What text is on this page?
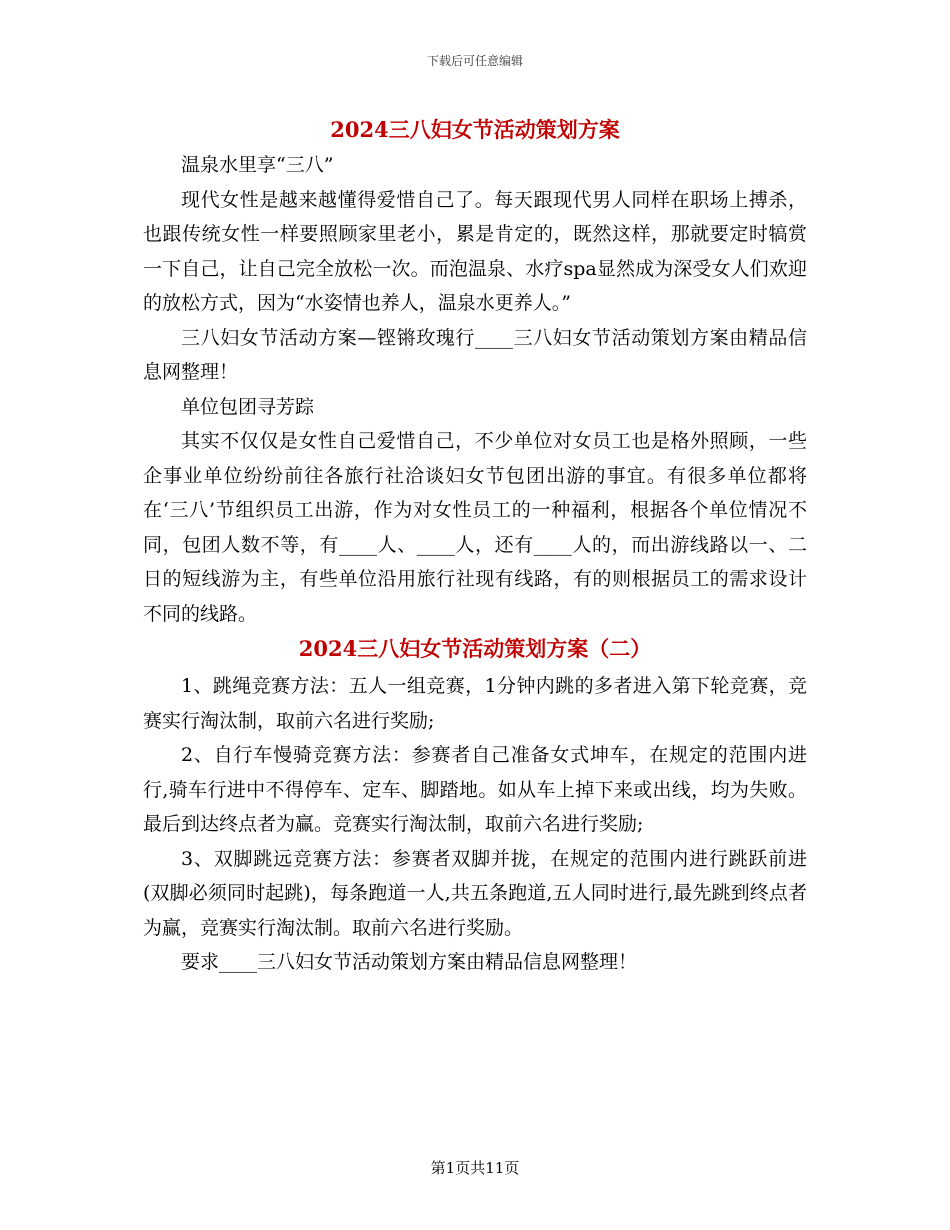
下载后可任意编辑
2024三八妇女节活动策划方案

温泉水里享“三八”

现代女性是越来越懂得爱惜自己了。每天跟现代男人同样在职场上搏杀，也跟传统女性一样要照顾家里老小，累是肯定的，既然这样，那就要定时犒赏一下自己，让自己完全放松一次。而泡温泉、水疗spa显然成为深受女人们欢迎的放松方式，因为“水姿情也养人，温泉水更养人。”

三八妇女节活动方案—铿锵玫瑰行____三八妇女节活动策划方案由精品信息网整理！

单位包团寻芳踪

其实不仅仅是女性自己爱惜自己，不少单位对女员工也是格外照顾，一些企事业单位纷纷前往各旅行社洽谈妇女节包团出游的事宜。有很多单位都将在‘三八’节组织员工出游，作为对女性员工的一种福利，根据各个单位情况不同，包团人数不等，有____人、____人，还有____人的，而出游线路以一、二日的短线游为主，有些单位沿用旅行社现有线路，有的则根据员工的需求设计不同的线路。

2024三八妇女节活动策划方案（二）

1、跳绳竞赛方法：五人一组竞赛，1分钟内跳的多者进入第下轮竞赛，竞赛实行淘汰制，取前六名进行奖励;

2、自行车慢骑竞赛方法：参赛者自己准备女式坤车，在规定的范围内进行,骑车行进中不得停车、定车、脚踏地。如从车上掉下来或出线，均为失败。最后到达终点者为赢。竞赛实行淘汰制，取前六名进行奖励;

3、双脚跳远竞赛方法：参赛者双脚并拢，在规定的范围内进行跳跃前进(双脚必须同时起跳)，每条跑道一人,共五条跑道,五人同时进行,最先跳到终点者为赢，竞赛实行淘汰制。取前六名进行奖励。

要求____三八妇女节活动策划方案由精品信息网整理！

第1页共11页
